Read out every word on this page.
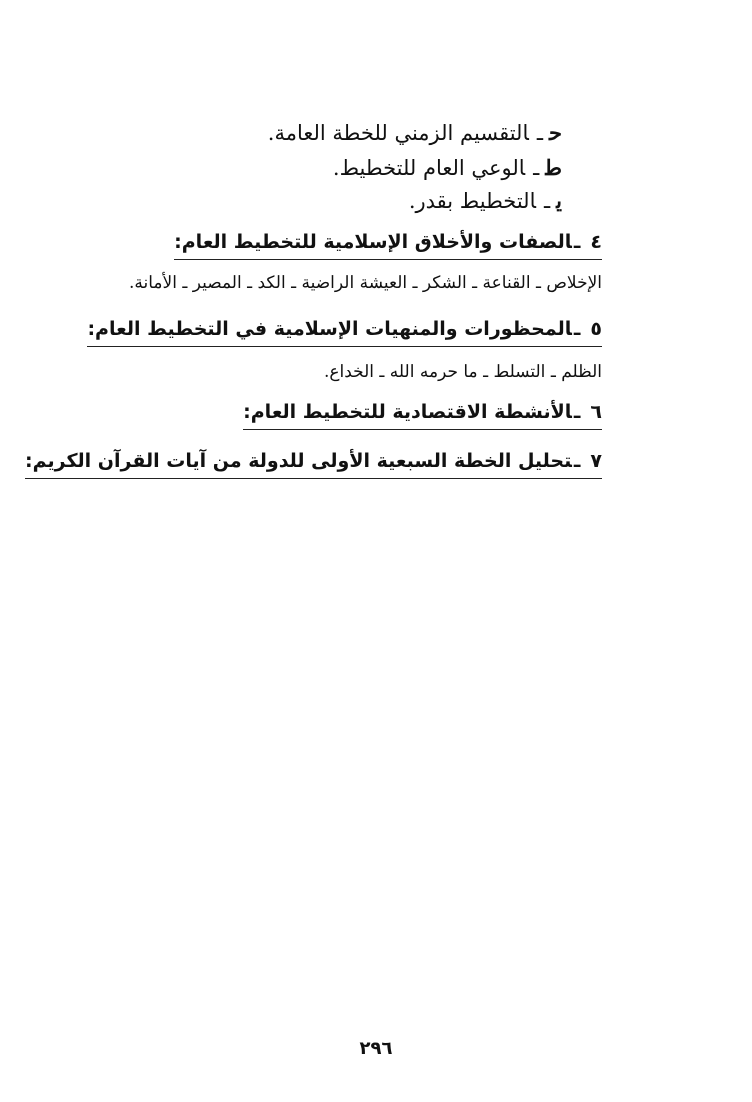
حـالتقسيم الزمني للخطة العامة.
طـالوعي العام للتخطيط.
يـالتخطيط بقدر.
٤ـالصفات والأخلاق الإسلامية للتخطيط العام:
الإخلاص ـ القناعة ـ الشكر ـ العيشة الراضية ـ الكد ـ المصير ـ الأمانة.
٥ـالمحظورات والمنهيات الإسلامية في التخطيط العام:
الظلم ـ التسلط ـ ما حرمه الله ـ الخداع.
٦ـالأنشطة الاقتصادية للتخطيط العام:
٧ـتحليل الخطة السبعية الأولى للدولة من آيات القرآن الكريم:
٢٩٦
